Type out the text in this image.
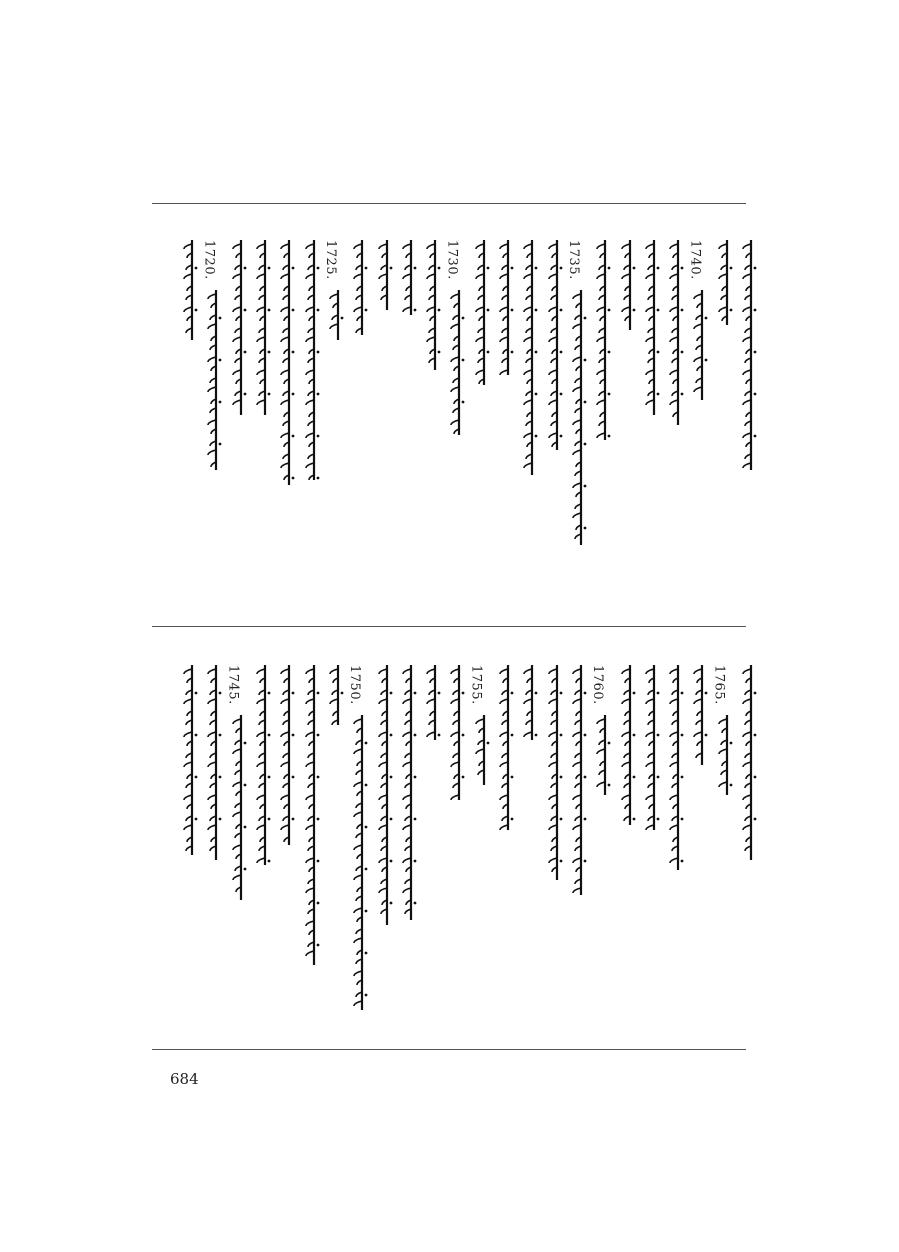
1740.
1735.
1730.
1725.
1720.
1765.
1760.
1755.
1750.
1745.
684
